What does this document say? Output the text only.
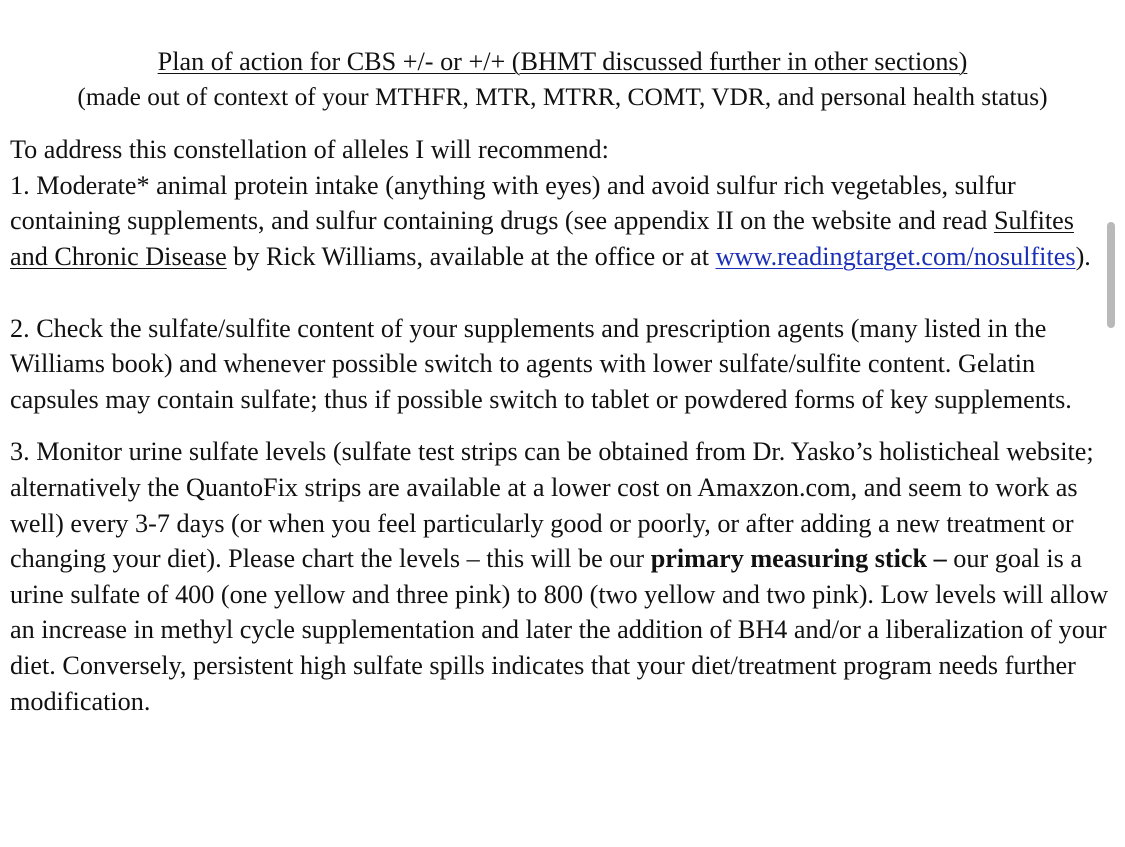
Plan of action for CBS +/- or +/+ (BHMT discussed further in other sections)

(made out of context of your MTHFR, MTR, MTRR, COMT, VDR, and personal health status)

To address this constellation of alleles I will recommend:

1. Moderate* animal protein intake (anything with eyes) and avoid sulfur rich vegetables, sulfur containing supplements, and sulfur containing drugs (see appendix II on the website and read Sulfites and Chronic Disease by Rick Williams, available at the office or at www.readingtarget.com/nosulfites).

2. Check the sulfate/sulfite content of your supplements and prescription agents (many listed in the Williams book) and whenever possible switch to agents with lower sulfate/sulfite content. Gelatin capsules may contain sulfate; thus if possible switch to tablet or powdered forms of key supplements.

3. Monitor urine sulfate levels (sulfate test strips can be obtained from Dr. Yasko’s holisticheal website; alternatively the QuantoFix strips are available at a lower cost on Amaxzon.com, and seem to work as well) every 3-7 days (or when you feel particularly good or poorly, or after adding a new treatment or changing your diet). Please chart the levels – this will be our primary measuring stick – our goal is a urine sulfate of 400 (one yellow and three pink) to 800 (two yellow and two pink). Low levels will allow an increase in methyl cycle supplementation and later the addition of BH4 and/or a liberalization of your diet. Conversely, persistent high sulfate spills indicates that your diet/treatment program needs further modification.
